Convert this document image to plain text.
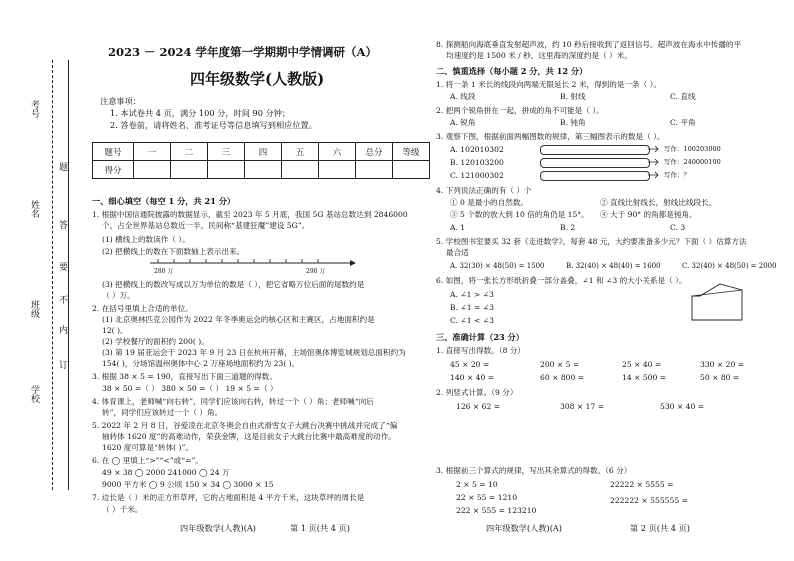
考号
姓名
班级
学校
题
答
要
不
内
订
2023 － 2024 学年度第一学期期中学情调研（A）
四年级数学(人教版)
注意事项：
1. 本试卷共 4 页，满分 100 分，时间 90 分钟；
2. 答卷前，请将姓名、准考证号等信息填写到相应位置。
题号	一	二	三	四	五	六	总分	等级
得分								
一、细心填空（每空 1 分，共 21 分）
1. 根据中国信通院披露的数据显示，截至 2023 年 5 月底，我国 5G 基站总数达到 2846000
个，占全世界基站总数近一半，民间称“基建狂魔”建设 5G”。
(1) 横线上的数读作（ ）。
(2) 把横线上的数在下面数轴上表示出来。
280 万	290 万
(3) 把横线上的数改写成以万为单位的数是（ ），把它省略万位后面的尾数约是
（ ）万。
2. 在括号里填上合适的单位。
(1) 北京奥林匹克公园作为 2022 年冬季奥运会的核心区和主赛区，占地面积约是
12( )。
(2) 学校餐厅的面积约 200( )。
(3) 第 19 届亚运会于 2023 年 9 月 23 日在杭州开幕，主场馆奥体博览城规划总面积约为
154( )，分场馆温州奥体中心 2 万座场地面积约为 23( )。
3. 根据 38 × 5 = 190，直接写出下面三道题的得数。
38 × 50 =（ ） 380 × 50 =（ ） 19 × 5 =（ ）
4. 体育课上，老师喊“向右转”，同学们应该向右转，转过一个（ ）角；老师喊“向后
转”，同学们应该转过一个（ ）角。
5. 2022 年 2 月 8 日，谷爱凌在北京冬奥会自由式滑雪女子大跳台决赛中挑战并完成了“偏
轴转体 1620 度”的高难动作，荣获金牌，这是目前女子大跳台比赛中最高难度的动作。
1620 度可算是“转体( )”。
6. 在 ◯ 里填上“>”“<”或“=”。
49 × 38 ◯ 2000 241000 ◯ 24 万
9000 平方米 ◯ 9 公顷 150 × 34 ◯ 3000 × 15
7. 边长是（ ）米的正方形草坪，它的占地面积是 4 平方千米，这块草坪的周长是
（ ）千米。
四年级数学(人教)(A)	第 1 页(共 4 页)
8. 探测船向海底垂直发射超声波，约 10 秒后接收到了返回信号。超声波在海水中传播的平
均速度约是 1500 米 / 秒，这里海的深度约是（ ）米。
二、慎重选择（每小题 2 分，共 12 分）
1. 将一条 1 米长的线段向两端无限延长 2 米，得到的是一条（ ）。
A. 线段	B. 射线	C. 直线
2. 把两个锐角拼在一起，拼成的角不可能是（ ）。
A. 锐角	B. 钝角	C. 平角
3. 观察下图，根据前面两幅图数的规律，第三幅图表示的数是（ ）。
A. 102010302
B. 120103200
C. 121000302
写作：100203000
写作：240000100
写作：？
4. 下列说法正确的有（ ）个
① 0 是最小的自然数。	② 直线比射线长，射线比线段长。
③ 5 个数的放大到 10 倍的角仍是 15°。 ④ 大于 90° 的角都是钝角。
A. 1	B. 2	C. 3
5. 学校图书室要买 32 套《走进数学》，每套 48 元，大约要准备多少元？下面（ ）估算方法
最合适
A. 32(30) × 48(50) = 1500	B. 32(40) × 48(40) = 1600	C. 32(40) × 48(50) = 2000
6. 如图，将一张长方形纸折叠一部分盖叠，∠1 和 ∠3 的大小关系是（ ）。
A. ∠1 > ∠3
B. ∠1 = ∠3
C. ∠1 < ∠3
三、准确计算（23 分）
1. 直接写出得数。（8 分）
45 × 20 =	200 × 5 =	25 × 40 =	330 × 20 =
140 × 40 =	60 × 800 =	14 × 500 =	50 × 80 =
2. 列竖式计算。（9 分）
126 × 62 =	308 × 17 =	530 × 40 =
3. 根据前三个算式的规律，写出其余算式的得数。（6 分）
2 × 5 = 10
22 × 55 = 1210
222 × 555 = 123210
22222 × 5555 =
222222 × 555555 =
四年级数学(人教)(A)	第 2 页(共 4 页)
